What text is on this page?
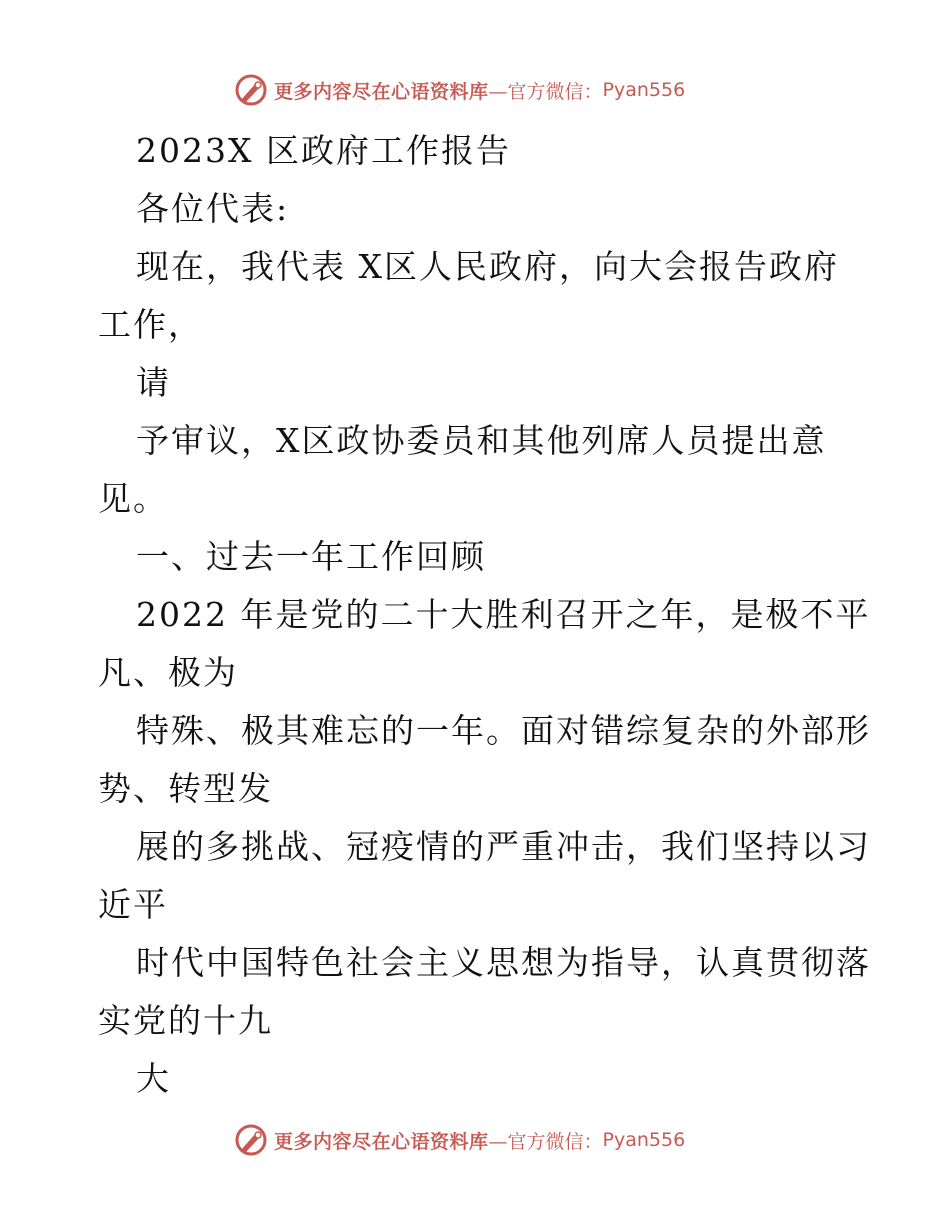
更多内容尽在心语资料库 —官方微信： Pyan556
2023X 区政府工作报告
各位代表:
现在，我代表 X区人民政府，向大会报告政府
工作，
请
予审议，X区政协委员和其他列席人员提出意
见。
一、过去一年工作回顾
2022 年是党的二十大胜利召开之年，是极不平
凡、极为
特殊、极其难忘的一年。面对错综复杂的外部形
势、转型发
展的多挑战、冠疫情的严重冲击，我们坚持以习
近平
时代中国特色社会主义思想为指导，认真贯彻落
实党的十九
大
更多内容尽在心语资料库 —官方微信： Pyan556
